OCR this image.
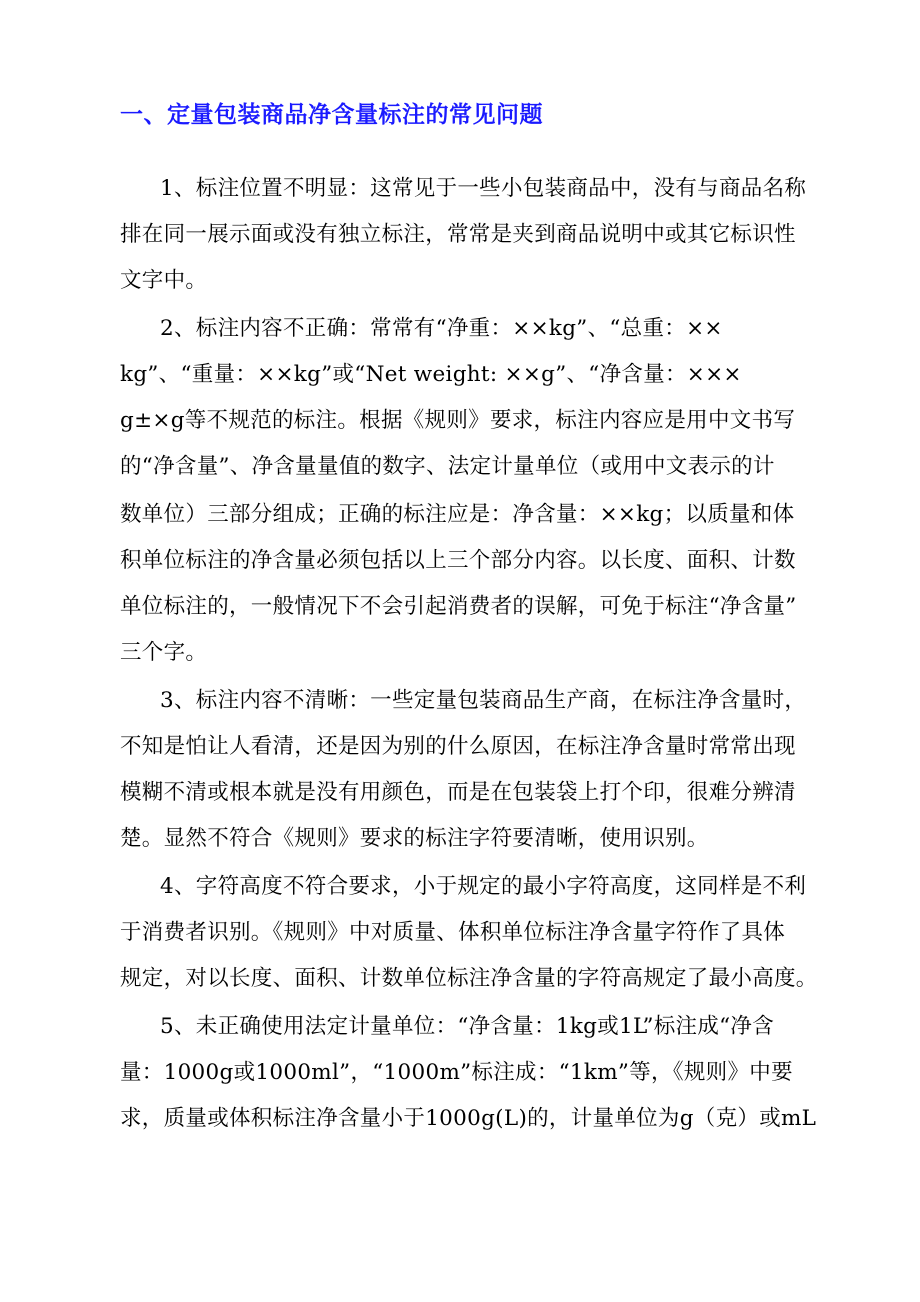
一、定量包装商品净含量标注的常见问题
1、标注位置不明显：这常见于一些小包装商品中，没有与商品名称
排在同一展示面或没有独立标注，常常是夹到商品说明中或其它标识性
文字中。
2、标注内容不正确：常常有“净重：××kg”、“总重：××
kg”、“重量：××kg”或“Net weight: ××g”、“净含量：×××
g±×g等不规范的标注。根据《规则》要求，标注内容应是用中文书写
的“净含量”、净含量量值的数字、法定计量单位（或用中文表示的计
数单位）三部分组成；正确的标注应是：净含量：××kg；以质量和体
积单位标注的净含量必须包括以上三个部分内容。以长度、面积、计数
单位标注的，一般情况下不会引起消费者的误解，可免于标注“净含量”
三个字。
3、标注内容不清晰：一些定量包装商品生产商，在标注净含量时，
不知是怕让人看清，还是因为别的什么原因，在标注净含量时常常出现
模糊不清或根本就是没有用颜色，而是在包装袋上打个印，很难分辨清
楚。显然不符合《规则》要求的标注字符要清晰，使用识别。
4、字符高度不符合要求，小于规定的最小字符高度，这同样是不利
于消费者识别。《规则》中对质量、体积单位标注净含量字符作了具体
规定，对以长度、面积、计数单位标注净含量的字符高规定了最小高度。
5、未正确使用法定计量单位：“净含量：1kg或1L”标注成“净含
量：1000g或1000ml”，“1000m”标注成：“1km”等，《规则》中要
求，质量或体积标注净含量小于1000g(L)的，计量单位为g（克）或mL
